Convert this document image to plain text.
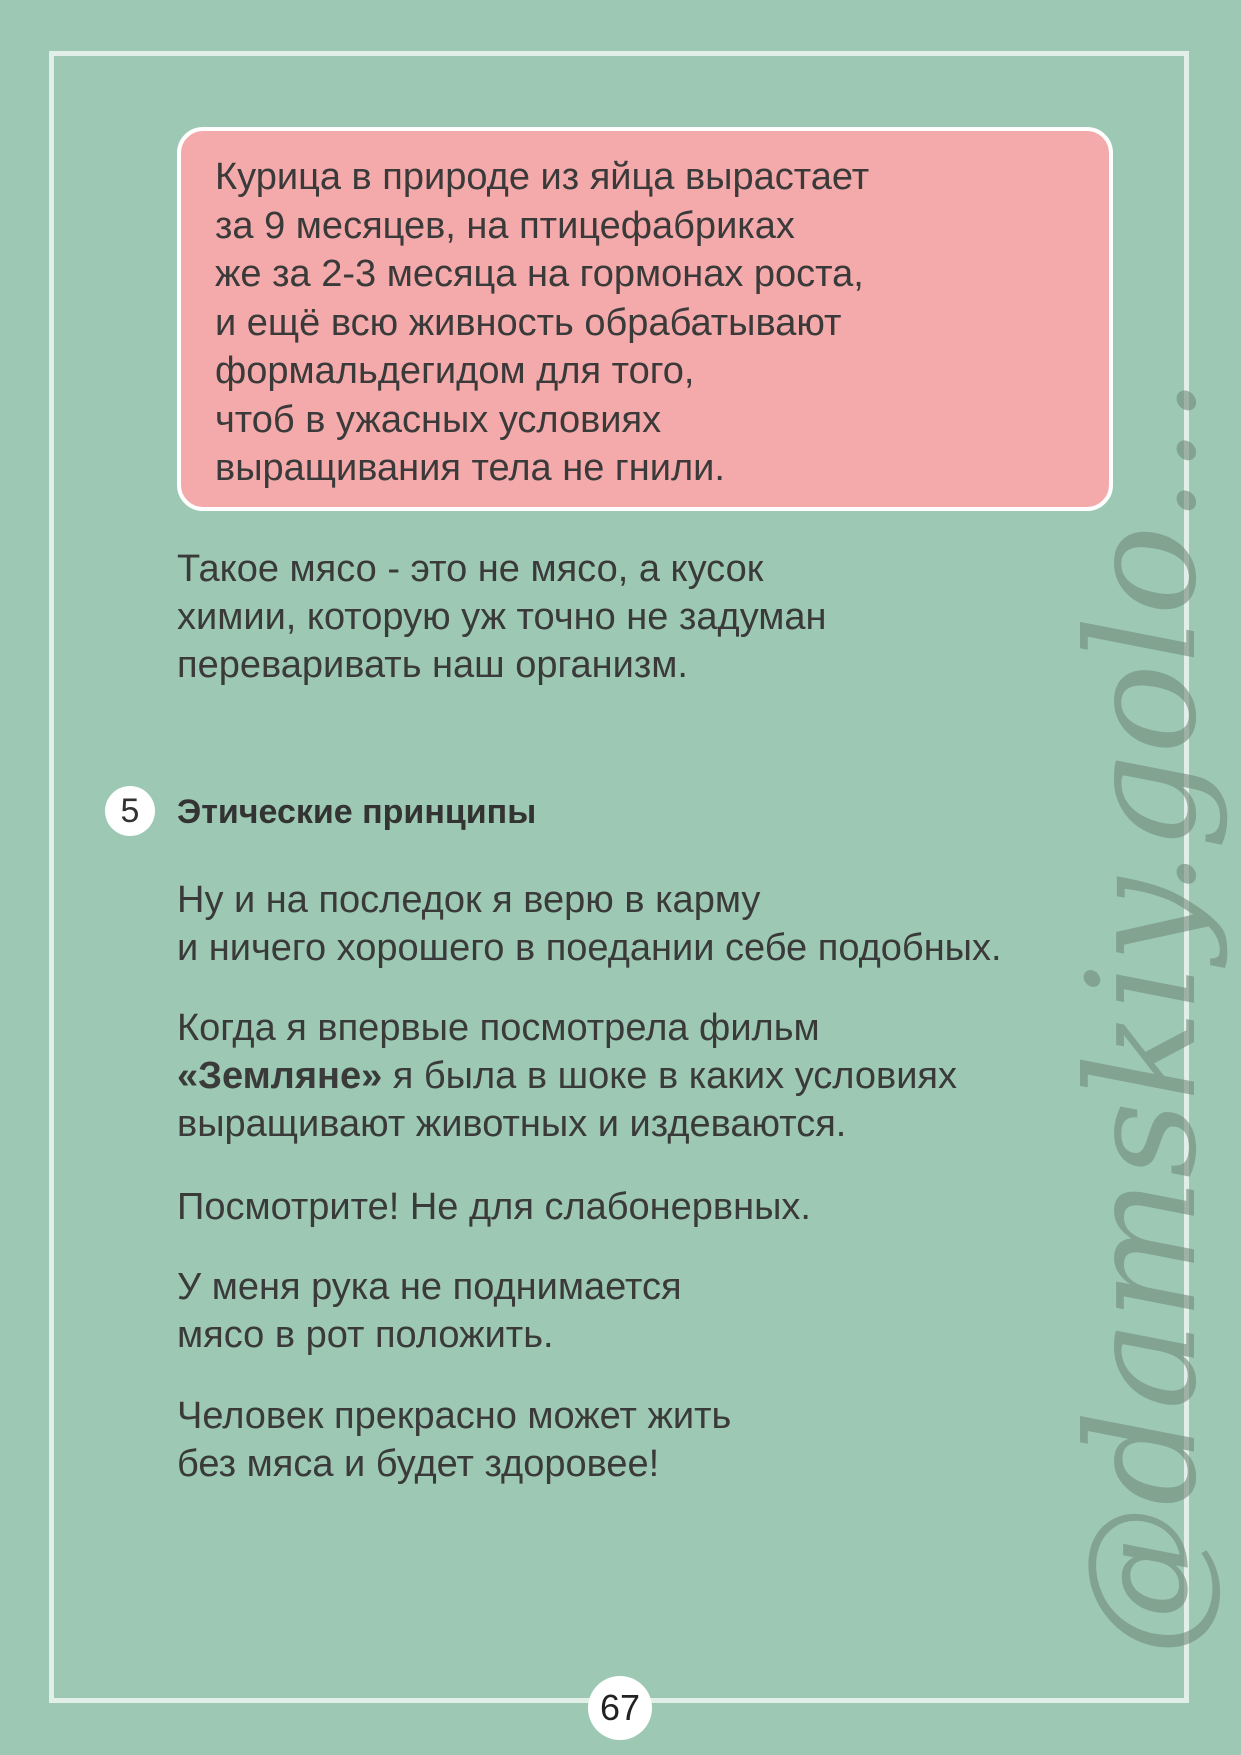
Курица в природе из яйца вырастает
за 9 месяцев, на птицефабриках
же за 2-3 месяца на гормонах роста,
и ещё всю живность обрабатывают
формальдегидом для того,
чтоб в ужасных условиях
выращивания тела не гнили.
Такое мясо - это не мясо, а кусок
химии, которую уж точно не задуман
переваривать наш организм.
5	Этические принципы
Ну и на последок я верю в карму
и ничего хорошего в поедании себе подобных.
Когда я впервые посмотрела фильм
«Земляне» я была в шоке в каких условиях
выращивают животных и издеваются.
Посмотрите! Не для слабонервных.
У меня рука не поднимается
мясо в рот положить.
Человек прекрасно может жить
без мяса и будет здоровее!	@damskiy.golo…
67
